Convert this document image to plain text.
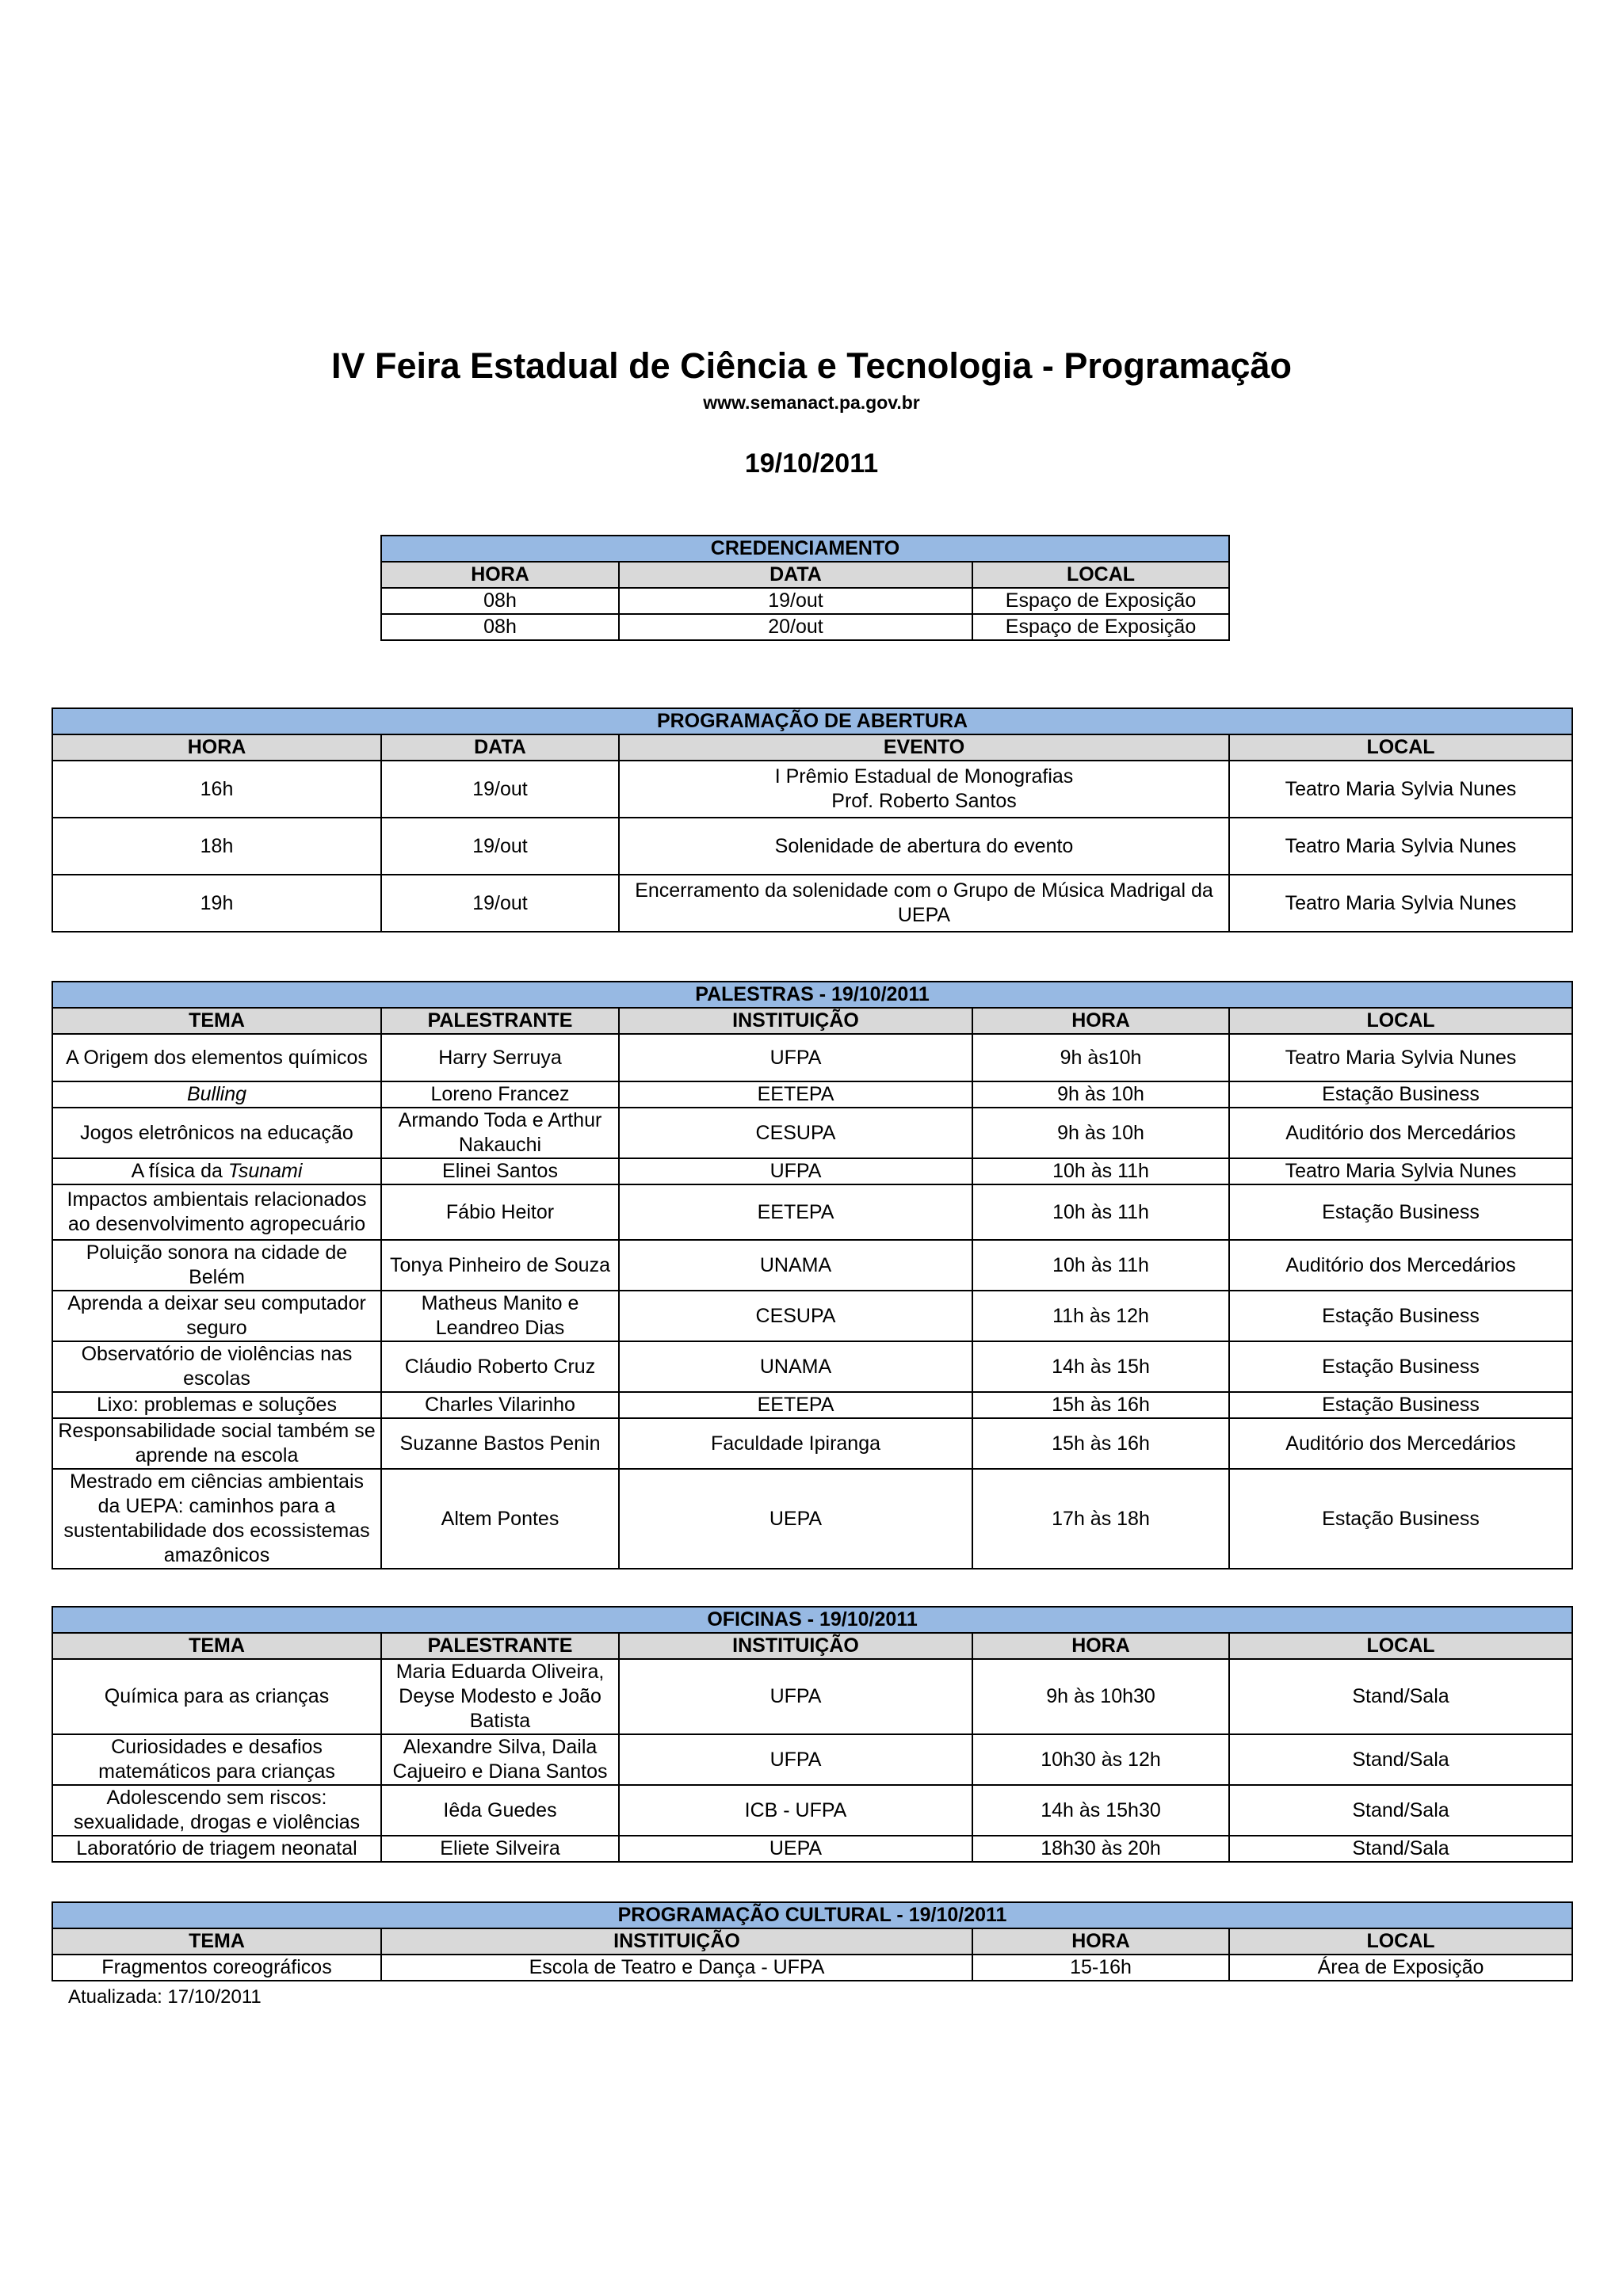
IV Feira Estadual de Ciência e Tecnologia - Programação
www.semanact.pa.gov.br
19/10/2011
CREDENCIAMENTO		
HORA	DATA	LOCAL
08h	19/out	Espaço de Exposição
08h	20/out	Espaço de Exposição
PROGRAMAÇÃO DE ABERTURA			
HORA	DATA	EVENTO	LOCAL
16h	19/out	I Prêmio Estadual de Monografias Prof. Roberto Santos	Teatro Maria Sylvia Nunes
18h	19/out	Solenidade de abertura do evento	Teatro Maria Sylvia Nunes
19h	19/out	Encerramento da solenidade com o Grupo de Música Madrigal da UEPA	Teatro Maria Sylvia Nunes
PALESTRAS - 19/10/2011				
TEMA	PALESTRANTE	INSTITUIÇÃO	HORA	LOCAL
A Origem dos elementos químicos	Harry Serruya	UFPA	9h às10h	Teatro Maria Sylvia Nunes
Bulling	Loreno Francez	EETEPA	9h às 10h	Estação Business
Jogos eletrônicos na educação	Armando Toda e Arthur Nakauchi	CESUPA	9h às 10h	Auditório dos Mercedários
A física da Tsunami	Elinei Santos	UFPA	10h às 11h	Teatro Maria Sylvia Nunes
Impactos ambientais relacionados ao desenvolvimento agropecuário	Fábio Heitor	EETEPA	10h às 11h	Estação Business
Poluição sonora na cidade de Belém	Tonya Pinheiro de Souza	UNAMA	10h às 11h	Auditório dos Mercedários
Aprenda a deixar seu computador seguro	Matheus Manito e Leandreo Dias	CESUPA	11h às 12h	Estação Business
Observatório de violências nas escolas	Cláudio Roberto Cruz	UNAMA	14h às 15h	Estação Business
Lixo: problemas e soluções	Charles Vilarinho	EETEPA	15h às 16h	Estação Business
Responsabilidade social também se aprende na escola	Suzanne Bastos Penin	Faculdade Ipiranga	15h às 16h	Auditório dos Mercedários
Mestrado em ciências ambientais da UEPA: caminhos para a sustentabilidade dos ecossistemas amazônicos	Altem Pontes	UEPA	17h às 18h	Estação Business
OFICINAS - 19/10/2011				
TEMA	PALESTRANTE	INSTITUIÇÃO	HORA	LOCAL
Química para as crianças	Maria Eduarda Oliveira, Deyse Modesto e João Batista	UFPA	9h às 10h30	Stand/Sala
Curiosidades e desafios matemáticos para crianças	Alexandre Silva, Daila Cajueiro e Diana Santos	UFPA	10h30 às 12h	Stand/Sala
Adolescendo sem riscos: sexualidade, drogas e violências	Iêda Guedes	ICB - UFPA	14h às 15h30	Stand/Sala
Laboratório de triagem neonatal	Eliete Silveira	UEPA	18h30 às 20h	Stand/Sala
PROGRAMAÇÃO CULTURAL - 19/10/2011			
TEMA	INSTITUIÇÃO	HORA	LOCAL
Fragmentos coreográficos	Escola de Teatro e Dança - UFPA	15-16h	Área de Exposição
Atualizada: 17/10/2011
